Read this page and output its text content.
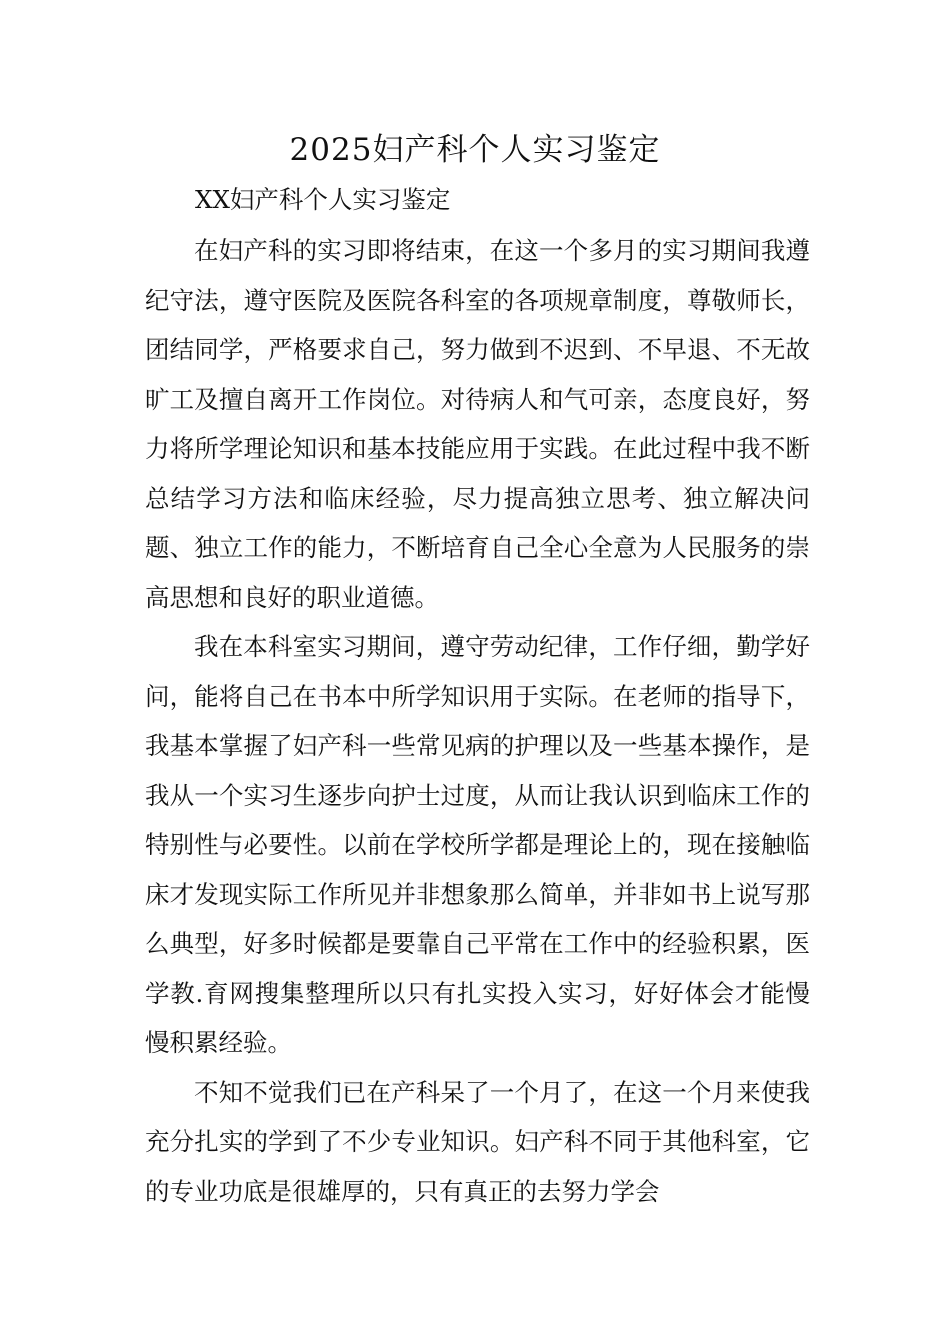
2025妇产科个人实习鉴定

XX妇产科个人实习鉴定

在妇产科的实习即将结束，在这一个多月的实习期间我遵纪守法，遵守医院及医院各科室的各项规章制度，尊敬师长，团结同学，严格要求自己，努力做到不迟到、不早退、不无故旷工及擅自离开工作岗位。对待病人和气可亲，态度良好，努力将所学理论知识和基本技能应用于实践。在此过程中我不断总结学习方法和临床经验，尽力提高独立思考、独立解决问题、独立工作的能力，不断培育自己全心全意为人民服务的崇高思想和良好的职业道德。

我在本科室实习期间，遵守劳动纪律，工作仔细，勤学好问，能将自己在书本中所学知识用于实际。在老师的指导下，我基本掌握了妇产科一些常见病的护理以及一些基本操作，是我从一个实习生逐步向护士过度，从而让我认识到临床工作的特别性与必要性。以前在学校所学都是理论上的，现在接触临床才发现实际工作所见并非想象那么简单，并非如书上说写那么典型，好多时候都是要靠自己平常在工作中的经验积累，医学教.育网搜集整理所以只有扎实投入实习，好好体会才能慢慢积累经验。

不知不觉我们已在产科呆了一个月了，在这一个月来使我充分扎实的学到了不少专业知识。妇产科不同于其他科室，它的专业功底是很雄厚的，只有真正的去努力学会
